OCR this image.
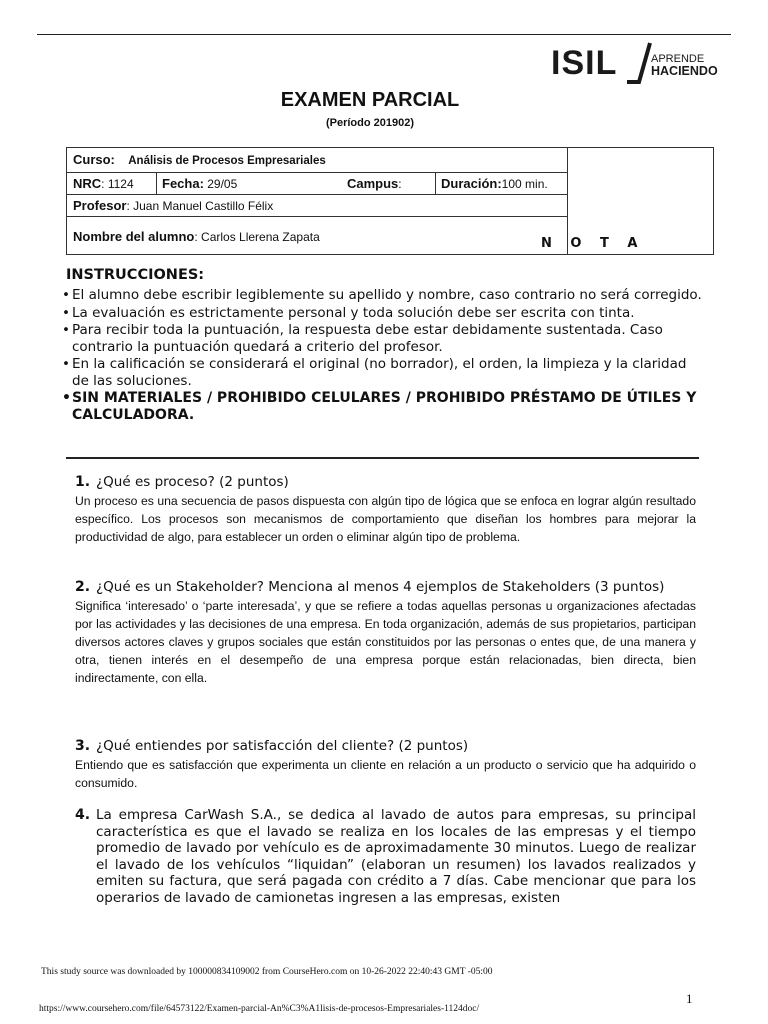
ISIL	APRENDE
HACIENDO
EXAMEN PARCIAL
(Período 201902)
Curso: Análisis de Procesos Empresariales
NRC: 1124 Fecha: 29/05	Campus:	Duración:100 min.
Profesor: Juan Manuel Castillo Félix
Nombre del alumno: Carlos Llerena Zapata	N O T A
INSTRUCCIONES:
• El alumno debe escribir legiblemente su apellido y nombre, caso contrario no será corregido.
• La evaluación es estrictamente personal y toda solución debe ser escrita con tinta.
• Para recibir toda la puntuación, la respuesta debe estar debidamente sustentada. Caso contrario la puntuación quedará a criterio del profesor.
• En la calificación se considerará el original (no borrador), el orden, la limpieza y la claridad de las soluciones.
• SIN MATERIALES / PROHIBIDO CELULARES / PROHIBIDO PRÉSTAMO DE ÚTILES Y CALCULADORA.
1. ¿Qué es proceso? (2 puntos)
Un proceso es una secuencia de pasos dispuesta con algún tipo de lógica que se enfoca en lograr algún resultado específico. Los procesos son mecanismos de comportamiento que diseñan los hombres para mejorar la productividad de algo, para establecer un orden o eliminar algún tipo de problema.
2. ¿Qué es un Stakeholder? Menciona al menos 4 ejemplos de Stakeholders (3 puntos)
Significa ‘interesado’ o ‘parte interesada’, y que se refiere a todas aquellas personas u organizaciones afectadas por las actividades y las decisiones de una empresa. En toda organización, además de sus propietarios, participan diversos actores claves y grupos sociales que están constituidos por las personas o entes que, de una manera y otra, tienen interés en el desempeño de una empresa porque están relacionadas, bien directa, bien indirectamente, con ella.
3. ¿Qué entiendes por satisfacción del cliente? (2 puntos)
Entiendo que es satisfacción que experimenta un cliente en relación a un producto o servicio que ha adquirido o consumido.
4. La empresa CarWash S.A., se dedica al lavado de autos para empresas, su principal característica es que el lavado se realiza en los locales de las empresas y el tiempo promedio de lavado por vehículo es de aproximadamente 30 minutos. Luego de realizar el lavado de los vehículos “liquidan” (elaboran un resumen) los lavados realizados y emiten su factura, que será pagada con crédito a 7 días. Cabe mencionar que para los operarios de lavado de camionetas ingresen a las empresas, existen
This study source was downloaded by 100000834109002 from CourseHero.com on 10-26-2022 22:40:43 GMT -05:00
1
https://www.coursehero.com/file/64573122/Examen-parcial-An%C3%A1lisis-de-procesos-Empresariales-1124doc/
